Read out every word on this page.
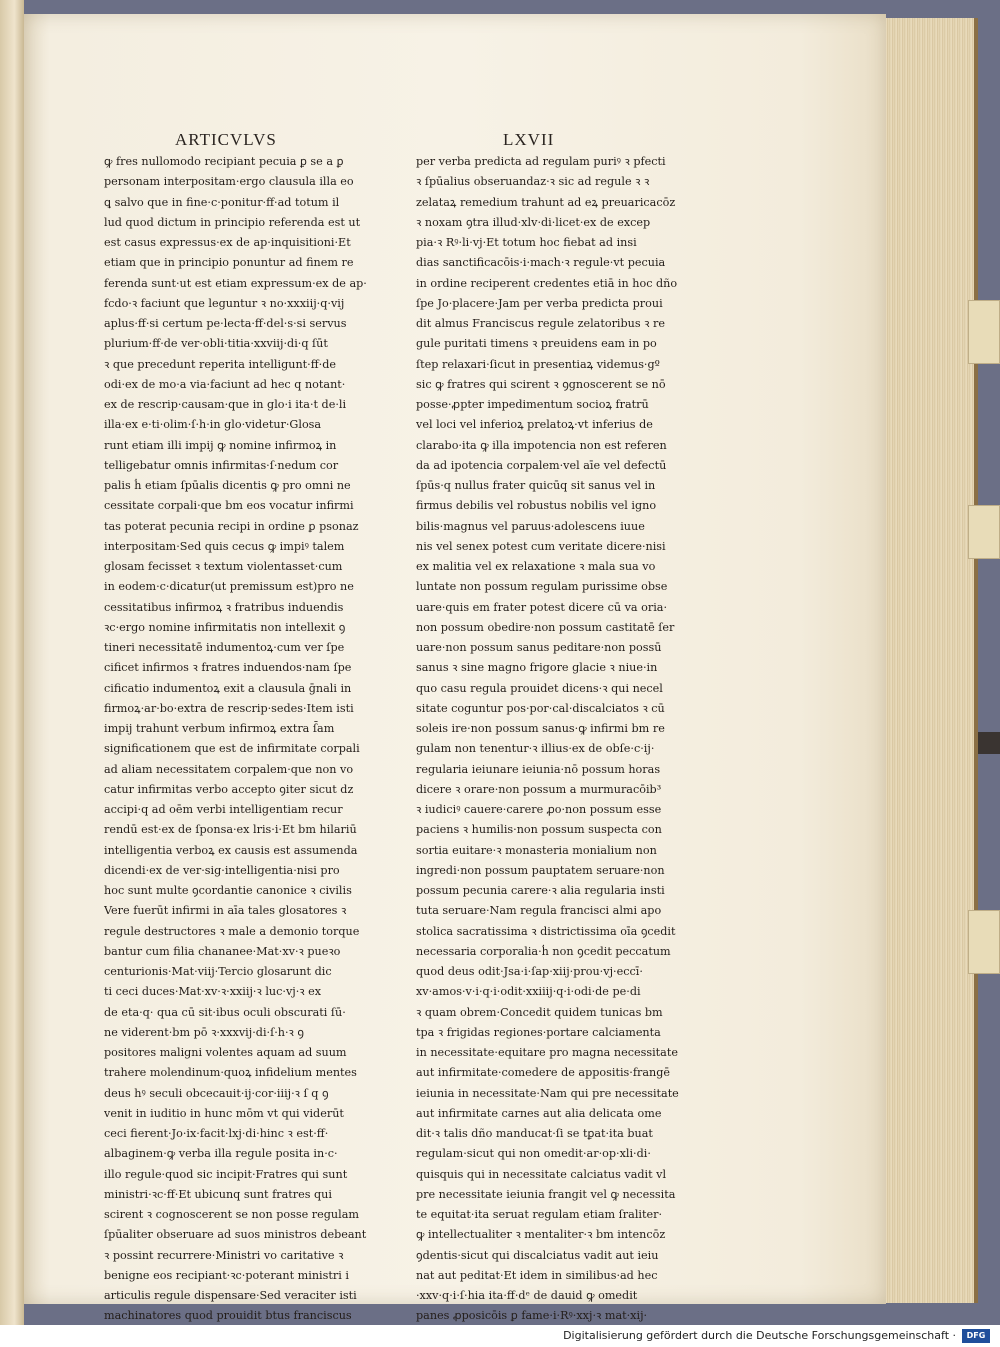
ARTICVLVS	LXVII
ꝙ fres nullomodo recipiant pecuia ꝑ se a ꝑ
personam interpositam·ergo clausula illa eo
ꝗ salvo que in fine·c·ponitur·ff·ad totum il
lud quod dictum in principio referenda est ut
est casus expressus·ex de ap·inquisitioni·Et
etiam que in principio ponuntur ad finem re
ferenda sunt·ut est etiam expressum·ex de ap·
fcdo·ꝛ faciunt que leguntur ꝛ no·xxxiij·q·vij
aplus·ff·si certum pe·lecta·ff·del·s·si servus
plurium·ff·de ver·obli·titia·xxviij·di·q ſūt
ꝛ que precedunt reperita intelligunt·ff·de
odi·ex de mo·a via·faciunt ad hec q notant·
ex de rescrip·causam·que in glo·i ita·t de·li
illa·ex e·ti·olim·ſ·h·in glo·videtur·Glosa
runt etiam illi impij ꝙ nomine infirmoꝝ in
telligebatur omnis infirmitas·ſ·nedum cor
palis ḣ etiam ſpūalis dicentis ꝙ pro omni ne
cessitate corpali·que bm eos vocatur infirmi
tas poterat pecunia recipi in ordine ꝑ psonaz
interpositam·Sed quis cecus ꝙ impiꝰ talem
glosam fecisset ꝛ textum violentasset·cum
in eodem·c·dicatur(ut premissum est)pro ne
cessitatibus infirmoꝝ ꝛ fratribus induendis
ꝛc·ergo nomine infirmitatis non intellexit ꝯ
tineri necessitatē indumentoꝝ·cum ver ſpe
cificet infirmos ꝛ fratres induendos·nam ſpe
cificatio indumentoꝝ exit a clausula ḡnali in
firmoꝝ·ar·bo·extra de rescrip·sedes·Item isti
impij trahunt verbum infirmoꝝ extra ſ̄am
significationem que est de infirmitate corpali
ad aliam necessitatem corpalem·que non vo
catur infirmitas verbo accepto ꝯiter sicut dz
accipi·q ad oēm verbi intelligentiam recur
rendū est·ex de ſponsa·ex lris·i·Et bm hilariū
intelligentia verboꝝ ex causis est assumenda
dicendi·ex de ver·sig·intelligentia·nisi pro
hoc sunt multe ꝯcordantie canonice ꝛ civilis
Vere fuerūt infirmi in aīa tales glosatores ꝛ
regule destructores ꝛ male a demonio torque
bantur cum filia chananee·Mat·xv·ꝛ pueꝛo
centurionis·Mat·viij·Tercio glosarunt dic
ti ceci duces·Mat·xv·ꝛ·xxiij·ꝛ luc·vj·ꝛ ex
de eta·q· qua cū sit·ibus oculi obscurati ſū·
ne viderent·bm pō ꝛ·xxxvij·di·ſ·h·ꝛ ꝯ
positores maligni volentes aquam ad suum
trahere molendinum·quoꝝ infidelium mentes
deus hꝰ seculi obcecauit·ij·cor·iiij·ꝛ ſ q ꝯ
venit in iuditio in hunc mōm vt qui viderūt
ceci fierent·Jo·ix·facit·lxj·di·hinc ꝛ est·ff·
albaginem·ꝙ verba illa regule posita in·c·
illo regule·quod sic incipit·Fratres qui sunt
ministri·ꝛc·ff·Et ubicunq sunt fratres qui
scirent ꝛ cognoscerent se non posse regulam
ſpūaliter obseruare ad suos ministros debeant
ꝛ possint recurrere·Ministri vo caritative ꝛ
benigne eos recipiant·ꝛc·poterant ministri i
articulis regule dispensare·Sed veraciter isti
machinatores quod prouidit btus franciscus
per verba predicta ad regulam puriꝰ ꝛ pfecti
ꝛ ſpūalius obseruandaz·ꝛ sic ad regule ꝛ ꝛ
zelataꝝ remedium trahunt ad eꝝ preuaricacōz
ꝛ noxam ꝯtra illud·xlv·di·licet·ex de excep
pia·ꝛ Rꝰ·li·vj·Et totum hoc fiebat ad insi
dias sanctificacōis·i·mach·ꝛ regule·vt pecuia
in ordine reciperent credentes etiā in hoc dño
ſpe Jo·placere·Jam per verba predicta proui
dit almus Franciscus regule zelatoribus ꝛ re
gule puritati timens ꝛ preuidens eam in po
ſtep relaxari·ſicut in presentiaꝝ videmus·gº
sic ꝙ fratres qui scirent ꝛ ꝯgnoscerent se nō
posse·ꝓpter impedimentum socioꝝ fratrū
vel loci vel inferioꝝ prelatoꝝ·vt inferius de
clarabo·ita ꝙ illa impotencia non est referen
da ad ipotencia corpalem·vel aīe vel defectū
ſpūs·q nullus frater quicūq sit sanus vel in
firmus debilis vel robustus nobilis vel igno
bilis·magnus vel paruus·adolescens iuue
nis vel senex potest cum veritate dicere·nisi
ex malitia vel ex relaxatione ꝛ mala sua vo
luntate non possum regulam purissime obse
uare·quis em frater potest dicere cū va oria·
non possum obedire·non possum castitatē ſer
uare·non possum sanus peditare·non possū
sanus ꝛ sine magno frigore glacie ꝛ niue·in
quo casu regula prouidet dicens·ꝛ qui necel
sitate coguntur pos·por·cal·discalciatos ꝛ cū
soleis ire·non possum sanus·ꝙ infirmi bm re
gulam non tenentur·ꝛ illius·ex de obſe·c·ij·
regularia ieiunare ieiunia·nō possum horas
dicere ꝛ orare·non possum a murmuracōib³
ꝛ iudiciꝰ cauere·carere ꝓo·non possum esse
paciens ꝛ humilis·non possum suspecta con
sortia euitare·ꝛ monasteria monialium non
ingredi·non possum pauptatem seruare·non
possum pecunia carere·ꝛ alia regularia insti
tuta seruare·Nam regula francisci almi apo
stolica sacratissima ꝛ districtissima oīa ꝯcedit
necessaria corporalia·ḣ non ꝯcedit peccatum
quod deus odit·Jsa·i·ſap·xiij·prou·vj·eccī·
xv·amos·v·i·q·i·odit·xxiiij·q·i·odi·de pe·di
ꝛ quam obrem·Concedit quidem tunicas bm
tpa ꝛ frigidas regiones·portare calciamenta
in necessitate·equitare pro magna necessitate
aut infirmitate·comedere de appositis·frangē
ieiunia in necessitate·Nam qui pre necessitate
aut infirmitate carnes aut alia delicata ome
dit·ꝛ talis dño manducat·ſi se tꝑat·ita buat
regulam·sicut qui non omedit·ar·op·xli·di·
quisquis qui in necessitate calciatus vadit vl
pre necessitate ieiunia frangit vel ꝙ necessita
te equitat·ita seruat regulam etiam ſraliter·
ꝙ intellectualiter ꝛ mentaliter·ꝛ bm intencōz
ꝯdentis·sicut qui discalciatus vadit aut ieiu
nat aut peditat·Et idem in similibus·ad hec
·xxv·q·i·ſ·hia ita·ff·dᵉ de dauid ꝙ omedit
panes ꝓposicōis ꝑ fame·i·Rꝰ·xxj·ꝛ mat·xij·
Digitalisierung gefördert durch die Deutsche Forschungsgemeinschaft ·	DFG
